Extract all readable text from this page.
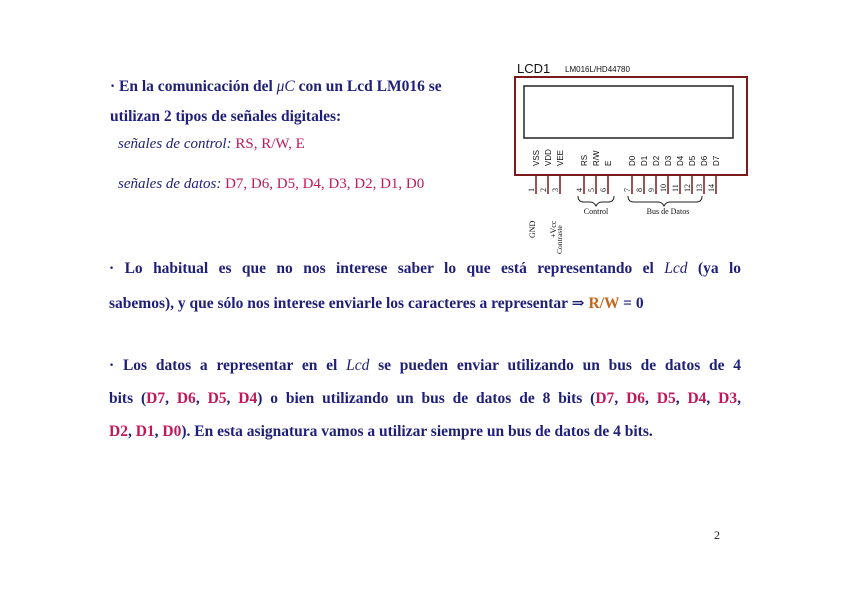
· En la comunicación del μC con un Lcd LM016 se
utilizan 2 tipos de señales digitales:
señales de control: RS, R/W, E
señales de datos: D7, D6, D5, D4, D3, D2, D1, D0
LCD1 LM016L/HD44780
VSS
1
VDD
2
VEE
3
RS
4
R/W
5
E
6
D0
7
D1
8
D2
9
D3
10
D4
11
D5
12
D6
13
D7
14
GND +Vcc
Contraste
Control	Bus de Datos
· Lo habitual es que no nos interese saber lo que está representando el Lcd (ya lo
sabemos), y que sólo nos interese enviarle los caracteres a representar ⇒ R/W = 0
· Los datos a representar en el Lcd se pueden enviar utilizando un bus de datos de 4
bits (D7, D6, D5, D4) o bien utilizando un bus de datos de 8 bits (D7, D6, D5, D4, D3,
D2, D1, D0). En esta asignatura vamos a utilizar siempre un bus de datos de 4 bits.
2
